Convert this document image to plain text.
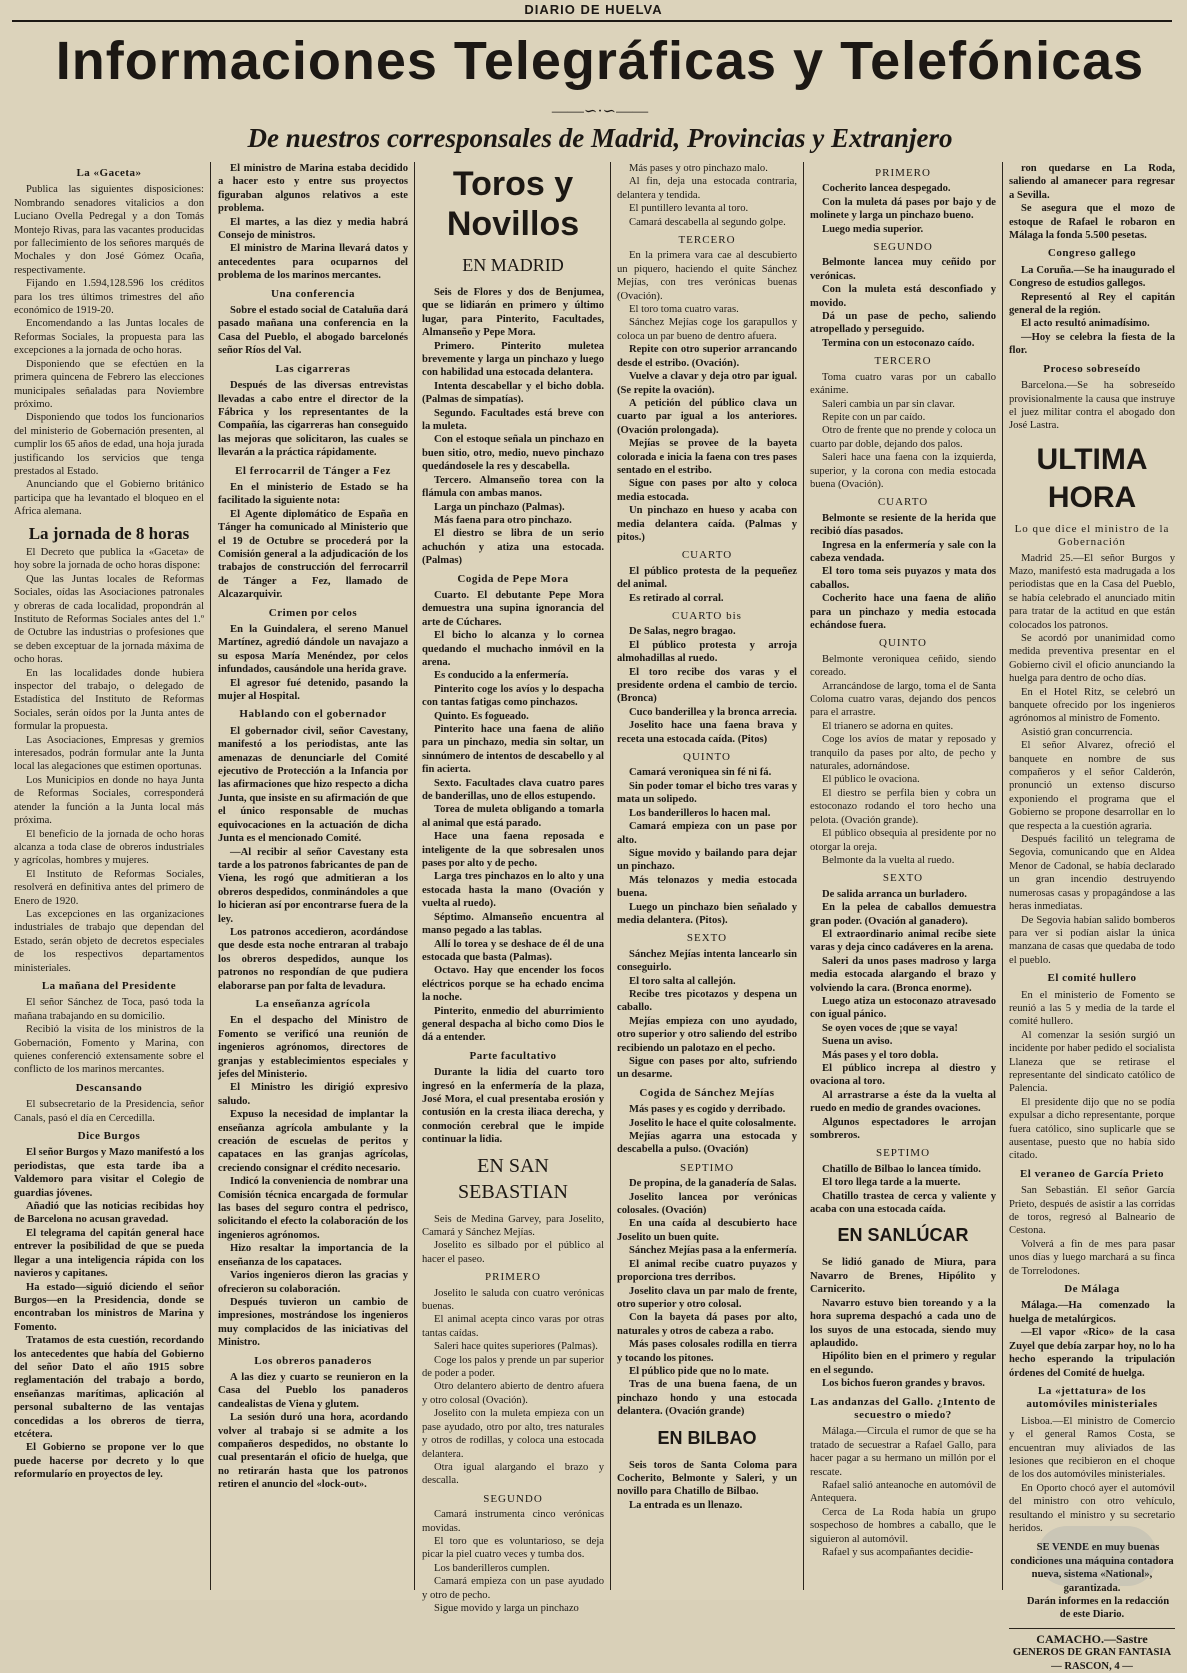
DIARIO DE HUELVA
Informaciones Telegráficas y Telefónicas
——∽·∽——
De nuestros corresponsales de Madrid, Provincias y Extranjero
La «Gaceta»

Publica las siguientes disposiciones: Nombrando senadores vitalicios a don Luciano Ovella Pedregal y a don Tomás Montejo Rivas, para las vacantes producidas por fallecimiento de los señores marqués de Mochales y don José Gómez Ocaña, respectivamente.

Fijando en 1.594,128.596 los créditos para los tres últimos trimestres del año económico de 1919-20.

Encomendando a las Juntas locales de Reformas Sociales, la propuesta para las excepciones a la jornada de ocho horas.

Disponiendo que se efectúen en la primera quincena de Febrero las elecciones municipales señaladas para Noviembre próximo.

Disponiendo que todos los funcionarios del ministerio de Gobernación presenten, al cumplir los 65 años de edad, una hoja jurada justificando los servicios que tenga prestados al Estado.

Anunciando que el Gobierno británico participa que ha levantado el bloqueo en el Africa alemana.

La jornada de 8 horas

El Decreto que publica la «Gaceta» de hoy sobre la jornada de ocho horas dispone:

Que las Juntas locales de Reformas Sociales, oídas las Asociaciones patronales y obreras de cada localidad, propondrán al Instituto de Reformas Sociales antes del 1.º de Octubre las industrias o profesiones que se deben exceptuar de la jornada máxima de ocho horas.

En las localidades donde hubiera inspector del trabajo, o delegado de Estadística del Instituto de Reformas Sociales, serán oídos por la Junta antes de formular la propuesta.

Las Asociaciones, Empresas y gremios interesados, podrán formular ante la Junta local las alegaciones que estimen oportunas.

Los Municipios en donde no haya Junta de Reformas Sociales, corresponderá atender la función a la Junta local más próxima.

El beneficio de la jornada de ocho horas alcanza a toda clase de obreros industriales y agrícolas, hombres y mujeres.

El Instituto de Reformas Sociales, resolverá en definitiva antes del primero de Enero de 1920.

Las excepciones en las organizaciones industriales de trabajo que dependan del Estado, serán objeto de decretos especiales de los respectivos departamentos ministeriales.

La mañana del Presidente

El señor Sánchez de Toca, pasó toda la mañana trabajando en su domicilio.

Recibió la visita de los ministros de la Gobernación, Fomento y Marina, con quienes conferenció extensamente sobre el conflicto de los marinos mercantes.

Descansando

El subsecretario de la Presidencia, señor Canals, pasó el día en Cercedilla.

Dice Burgos

El señor Burgos y Mazo manifestó a los periodistas, que esta tarde iba a Valdemoro para visitar el Colegio de guardias jóvenes.

Añadió que las noticias recibidas hoy de Barcelona no acusan gravedad.

El telegrama del capitán general hace entrever la posibilidad de que se pueda llegar a una inteligencia rápida con los navieros y capitanes.

Ha estado—siguió diciendo el señor Burgos—en la Presidencia, donde se encontraban los ministros de Marina y Fomento.

Tratamos de esta cuestión, recordando los antecedentes que había del Gobierno del señor Dato el año 1915 sobre reglamentación del trabajo a bordo, enseñanzas marítimas, aplicación al personal subalterno de las ventajas concedidas a los obreros de tierra, etcétera.

El Gobierno se propone ver lo que puede hacerse por decreto y lo que reformularío en proyectos de ley.

El ministro de Marina estaba decidido a hacer esto y entre sus proyectos figuraban algunos relativos a este problema.

El martes, a las diez y media habrá Consejo de ministros.

El ministro de Marina llevará datos y antecedentes para ocuparnos del problema de los marinos mercantes.

Una conferencia

Sobre el estado social de Cataluña dará pasado mañana una conferencia en la Casa del Pueblo, el abogado barcelonés señor Ríos del Val.

Las cigarreras

Después de las diversas entrevistas llevadas a cabo entre el director de la Fábrica y los representantes de la Compañía, las cigarreras han conseguido las mejoras que solicitaron, las cuales se llevarán a la práctica rápidamente.

El ferrocarril de Tánger a Fez

En el ministerio de Estado se ha facilitado la siguiente nota:

El Agente diplomático de España en Tánger ha comunicado al Ministerio que el 19 de Octubre se procederá por la Comisión general a la adjudicación de los trabajos de construcción del ferrocarril de Tánger a Fez, llamado de Alcazarquivir.

Crimen por celos

En la Guindalera, el sereno Manuel Martínez, agredió dándole un navajazo a su esposa María Menéndez, por celos infundados, causándole una herida grave.

El agresor fué detenido, pasando la mujer al Hospital.

Hablando con el gobernador

El gobernador civil, señor Cavestany, manifestó a los periodistas, ante las amenazas de denunciarle del Comité ejecutivo de Protección a la Infancia por las afirmaciones que hizo respecto a dicha Junta, que insiste en su afirmación de que el único responsable de muchas equivocaciones en la actuación de dicha Junta es el mencionado Comité.

—Al recibir al señor Cavestany esta tarde a los patronos fabricantes de pan de Viena, les rogó que admitieran a los obreros despedidos, conminándoles a que lo hicieran así por encontrarse fuera de la ley.

Los patronos accedieron, acordándose que desde esta noche entraran al trabajo los obreros despedidos, aunque los patronos no respondían de que pudiera elaborarse pan por falta de levadura.

La enseñanza agrícola

En el despacho del Ministro de Fomento se verificó una reunión de ingenieros agrónomos, directores de granjas y establecimientos especiales y jefes del Ministerio.

El Ministro les dirigió expresivo saludo.

Expuso la necesidad de implantar la enseñanza agrícola ambulante y la creación de escuelas de peritos y capataces en las granjas agrícolas, creciendo consignar el crédito necesario.

Indicó la conveniencia de nombrar una Comisión técnica encargada de formular las bases del seguro contra el pedrisco, solicitando el efecto la colaboración de los ingenieros agrónomos.

Hizo resaltar la importancia de la enseñanza de los capataces.

Varios ingenieros dieron las gracias y ofrecieron su colaboración.

Después tuvieron un cambio de impresiones, mostrándose los ingenieros muy complacidos de las iniciativas del Ministro.

Los obreros panaderos

A las diez y cuarto se reunieron en la Casa del Pueblo los panaderos candealistas de Viena y glutem.

La sesión duró una hora, acordando volver al trabajo si se admite a los compañeros despedidos, no obstante lo cual presentarán el oficio de huelga, que no retirarán hasta que los patronos retiren el anuncio del «lock-out».

Toros y Novillos
EN MADRID

Seis de Flores y dos de Benjumea, que se lidiarán en primero y último lugar, para Pinterito, Facultades, Almanseño y Pepe Mora.

Primero. Pinterito muletea brevemente y larga un pinchazo y luego con habilidad una estocada delantera.

Intenta descabellar y el bicho dobla. (Palmas de simpatías).

Segundo. Facultades está breve con la muleta.

Con el estoque señala un pinchazo en buen sitio, otro, medio, nuevo pinchazo quedándosele la res y descabella.

Tercero. Almanseño torea con la flámula con ambas manos.

Larga un pinchazo (Palmas).

Más faena para otro pinchazo.

El diestro se libra de un serio achuchón y atiza una estocada. (Palmas)

Cogida de Pepe Mora

Cuarto. El debutante Pepe Mora demuestra una supina ignorancia del arte de Cúchares.

El bicho lo alcanza y lo cornea quedando el muchacho inmóvil en la arena.

Es conducido a la enfermería.

Pinterito coge los avíos y lo despacha con tantas fatigas como pinchazos.

Quinto. Es fogueado.

Pinterito hace una faena de aliño para un pinchazo, media sin soltar, un sinnúmero de intentos de descabello y al fin acierta.

Sexto. Facultades clava cuatro pares de banderillas, uno de ellos estupendo.

Torea de muleta obligando a tomarla al animal que está parado.

Hace una faena reposada e inteligente de la que sobresalen unos pases por alto y de pecho.

Larga tres pinchazos en lo alto y una estocada hasta la mano (Ovación y vuelta al ruedo).

Séptimo. Almanseño encuentra al manso pegado a las tablas.

Allí lo torea y se deshace de él de una estocada que basta (Palmas).

Octavo. Hay que encender los focos eléctricos porque se ha echado encima la noche.

Pinterito, enmedio del aburrimiento general despacha al bicho como Dios le dá a entender.

Parte facultativo

Durante la lidia del cuarto toro ingresó en la enfermería de la plaza, José Mora, el cual presentaba erosión y contusión en la cresta iliaca derecha, y conmoción cerebral que le impide continuar la lidia.

EN SAN SEBASTIAN

Seis de Medina Garvey, para Joselito, Camará y Sánchez Mejías.

Joselito es silbado por el público al hacer el paseo.

PRIMERO

Joselito le saluda con cuatro verónicas buenas.

El animal acepta cinco varas por otras tantas caídas.

Saleri hace quites superiores (Palmas).

Coge los palos y prende un par superior de poder a poder.

Otro delantero abierto de dentro afuera y otro colosal (Ovación).

Joselito con la muleta empieza con un pase ayudado, otro por alto, tres naturales y otros de rodillas, y coloca una estocada delantera.

Otra igual alargando el brazo y descalla.

SEGUNDO

Camará instrumenta cinco verónicas movidas.

El toro que es voluntarioso, se deja picar la piel cuatro veces y tumba dos.

Los banderilleros cumplen.

Camará empieza con un pase ayudado y otro de pecho.

Sigue movido y larga un pinchazo

Más pases y otro pinchazo malo.

Al fin, deja una estocada contraria, delantera y tendida.

El puntillero levanta al toro.

Camará descabella al segundo golpe.

TERCERO

En la primera vara cae al descubierto un piquero, haciendo el quite Sánchez Mejías, con tres verónicas buenas (Ovación).

El toro toma cuatro varas.

Sánchez Mejías coge los garapullos y coloca un par bueno de dentro afuera.

Repite con otro superior arrancando desde el estribo. (Ovación).

Vuelve a clavar y deja otro par igual. (Se repite la ovación).

A petición del público clava un cuarto par igual a los anteriores. (Ovación prolongada).

Mejías se provee de la bayeta colorada e inicia la faena con tres pases sentado en el estribo.

Sigue con pases por alto y coloca media estocada.

Un pinchazo en hueso y acaba con media delantera caída. (Palmas y pitos.)

CUARTO

El público protesta de la pequeñez del animal.

Es retirado al corral.

CUARTO bis

De Salas, negro bragao.

El público protesta y arroja almohadillas al ruedo.

El toro recibe dos varas y el presidente ordena el cambio de tercio. (Bronca)

Cuco banderillea y la bronca arrecia.

Joselito hace una faena brava y receta una estocada caída. (Pitos)

QUINTO

Camará veroniquea sin fé ni fá.

Sin poder tomar el bicho tres varas y mata un solipedo.

Los banderilleros lo hacen mal.

Camará empieza con un pase por alto.

Sigue movido y bailando para dejar un pinchazo.

Más telonazos y media estocada buena.

Luego un pinchazo bien señalado y media delantera. (Pitos).

SEXTO

Sánchez Mejías intenta lancearlo sin conseguirlo.

El toro salta al callejón.

Recibe tres picotazos y despena un caballo.

Mejías empieza con uno ayudado, otro superior y otro saliendo del estribo recibiendo un palotazo en el pecho.

Sigue con pases por alto, sufriendo un desarme.

Cogida de Sánchez Mejías

Más pases y es cogido y derribado.

Joselito le hace el quite colosalmente.

Mejías agarra una estocada y descabella a pulso. (Ovación)

SEPTIMO

De propina, de la ganadería de Salas.

Joselito lancea por verónicas colosales. (Ovación)

En una caída al descubierto hace Joselito un buen quite.

Sánchez Mejías pasa a la enfermería.

El animal recibe cuatro puyazos y proporciona tres derribos.

Joselito clava un par malo de frente, otro superior y otro colosal.

Con la bayeta dá pases por alto, naturales y otros de cabeza a rabo.

Más pases colosales rodilla en tierra y tocando los pitones.

El público pide que no lo mate.

Tras de una buena faena, de un pinchazo hondo y una estocada delantera. (Ovación grande)

EN BILBAO

Seis toros de Santa Coloma para Cocherito, Belmonte y Saleri, y un novillo para Chatillo de Bilbao.

La entrada es un llenazo.

PRIMERO

Cocherito lancea despegado.

Con la muleta dá pases por bajo y de molinete y larga un pinchazo bueno.

Luego media superior.

SEGUNDO

Belmonte lancea muy ceñido por verónicas.

Con la muleta está desconfiado y movido.

Dá un pase de pecho, saliendo atropellado y perseguido.

Termina con un estoconazo caído.

TERCERO

Toma cuatro varas por un caballo exánime.

Saleri cambia un par sin clavar.

Repite con un par caído.

Otro de frente que no prende y coloca un cuarto par doble, dejando dos palos.

Saleri hace una faena con la izquierda, superior, y la corona con media estocada buena (Ovación).

CUARTO

Belmonte se resiente de la herida que recibió días pasados.

Ingresa en la enfermería y sale con la cabeza vendada.

El toro toma seis puyazos y mata dos caballos.

Cocherito hace una faena de aliño para un pinchazo y media estocada echándose fuera.

QUINTO

Belmonte veroniquea ceñido, siendo coreado.

Arrancándose de largo, toma el de Santa Coloma cuatro varas, dejando dos pencos para el arrastre.

El trianero se adorna en quites.

Coge los avíos de matar y reposado y tranquilo da pases por alto, de pecho y naturales, adornándose.

El público le ovaciona.

El diestro se perfila bien y cobra un estoconazo rodando el toro hecho una pelota. (Ovación grande).

El público obsequia al presidente por no otorgar la oreja.

Belmonte da la vuelta al ruedo.

SEXTO

De salida arranca un burladero.

En la pelea de caballos demuestra gran poder. (Ovación al ganadero).

El extraordinario animal recibe siete varas y deja cinco cadáveres en la arena.

Saleri da unos pases madroso y larga media estocada alargando el brazo y volviendo la cara. (Bronca enorme).

Luego atiza un estoconazo atravesado con igual pánico.

Se oyen voces de ¡que se vaya!

Suena un aviso.

Más pases y el toro dobla.

El público increpa al diestro y ovaciona al toro.

Al arrastrarse a éste da la vuelta al ruedo en medio de grandes ovaciones.

Algunos espectadores le arrojan sombreros.

SEPTIMO

Chatillo de Bilbao lo lancea tímido.

El toro llega tarde a la muerte.

Chatillo trastea de cerca y valiente y acaba con una estocada caída.

EN SANLÚCAR

Se lidió ganado de Miura, para Navarro de Brenes, Hipólito y Carnicerito.

Navarro estuvo bien toreando y a la hora suprema despachó a cada uno de los suyos de una estocada, siendo muy aplaudido.

Hipólito bien en el primero y regular en el segundo.

Los bichos fueron grandes y bravos.

Las andanzas del Gallo. ¿Intento de secuestro o miedo?

Málaga.—Circula el rumor de que se ha tratado de secuestrar a Rafael Gallo, para hacer pagar a su hermano un millón por el rescate.

Rafael salió anteanoche en automóvil de Antequera.

Cerca de La Roda había un grupo sospechoso de hombres a caballo, que le siguieron al automóvil.

Rafael y sus acompañantes decidie-

ron quedarse en La Roda, saliendo al amanecer para regresar a Sevilla.

Se asegura que el mozo de estoque de Rafael le robaron en Málaga la fonda 5.500 pesetas.

Congreso gallego

La Coruña.—Se ha inaugurado el Congreso de estudios gallegos.

Representó al Rey el capitán general de la región.

El acto resultó animadísimo.

—Hoy se celebra la fiesta de la flor.

Proceso sobreseído

Barcelona.—Se ha sobreseído provisionalmente la causa que instruye el juez militar contra el abogado don José Lastra.

ULTIMA HORA
Lo que dice el ministro de la Gobernación

Madrid 25.—El señor Burgos y Mazo, manifestó esta madrugada a los periodistas que en la Casa del Pueblo, se había celebrado el anunciado mitin para tratar de la actitud en que están colocados los patronos.

Se acordó por unanimidad como medida preventiva presentar en el Gobierno civil el oficio anunciando la huelga para dentro de ocho días.

En el Hotel Ritz, se celebró un banquete ofrecido por los ingenieros agrónomos al ministro de Fomento.

Asistió gran concurrencia.

El señor Alvarez, ofreció el banquete en nombre de sus compañeros y el señor Calderón, pronunció un extenso discurso exponiendo el programa que el Gobierno se propone desarrollar en lo que respecta a la cuestión agraria.

Después facilitó un telegrama de Segovia, comunicando que en Aldea Menor de Cadonal, se había declarado un gran incendio destruyendo numerosas casas y propagándose a las heras inmediatas.

De Segovia habían salido bomberos para ver si podían aislar la única manzana de casas que quedaba de todo el pueblo.

El comité hullero

En el ministerio de Fomento se reunió a las 5 y media de la tarde el comité hullero.

Al comenzar la sesión surgió un incidente por haber pedido el socialista Llaneza que se retirase el representante del sindicato católico de Palencia.

El presidente dijo que no se podía expulsar a dicho representante, porque fuera católico, sino suplicarle que se ausentase, puesto que no había sido citado.

El veraneo de García Prieto

San Sebastián. El señor García Prieto, después de asistir a las corridas de toros, regresó al Balneario de Cestona.

Volverá a fin de mes para pasar unos días y luego marchará a su finca de Torrelodones.

De Málaga

Málaga.—Ha comenzado la huelga de metalúrgicos.

—El vapor «Rico» de la casa Zuyel que debía zarpar hoy, no lo ha hecho esperando la tripulación órdenes del Comité de huelga.

La «jettatura» de los automóviles ministeriales

Lisboa.—El ministro de Comercio y el general Ramos Costa, se encuentran muy aliviados de las lesiones que recibieron en el choque de los dos automóviles ministeriales.

En Oporto chocó ayer el automóvil del ministro con otro vehículo, resultando el ministro y su secretario heridos.

SE VENDE en muy buenas condiciones una máquina contadora nueva, sistema «National», garantizada.

Darán informes en la redacción de este Diario.

CAMACHO.—Sastre
GENEROS DE GRAN FANTASIA
— RASCON, 4 —
